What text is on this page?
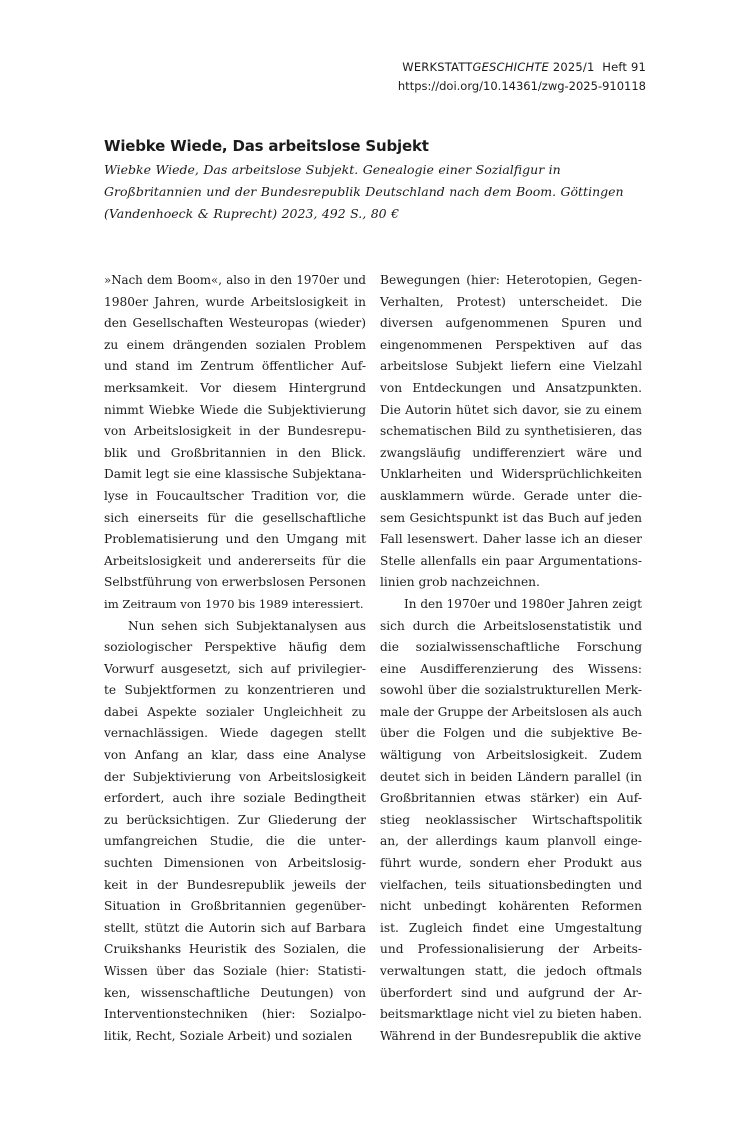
WERKSTATTGESCHICHTE 2025/1  Heft 91
https://doi.org/10.14361/zwg-2025-910118
Wiebke Wiede, Das arbeitslose Subjekt

Wiebke Wiede, Das arbeitslose Subjekt. Genealogie einer Sozialfigur in Großbritannien und der Bundesrepublik Deutschland nach dem Boom. Göttingen (Vandenhoeck & Ruprecht) 2023, 492 S., 80 €

»Nach dem Boom«, also in den 1970er und
1980er Jahren, wurde Arbeitslosigkeit in
den Gesellschaften Westeuropas (wieder)
zu einem drängenden sozialen Problem
und stand im Zentrum öffentlicher Auf-
merksamkeit. Vor diesem Hintergrund
nimmt Wiebke Wiede die Subjektivierung
von Arbeitslosigkeit in der Bundesrepu-
blik und Großbritannien in den Blick.
Damit legt sie eine klassische Subjektana-
lyse in Foucaultscher Tradition vor, die
sich einerseits für die gesellschaftliche
Problematisierung und den Umgang mit
Arbeitslosigkeit und andererseits für die
Selbstführung von erwerbslosen Personen
im Zeitraum von 1970 bis 1989 interessiert.
Nun sehen sich Subjektanalysen aus
soziologischer Perspektive häufig dem
Vorwurf ausgesetzt, sich auf privilegier-
te Subjektformen zu konzentrieren und
dabei Aspekte sozialer Ungleichheit zu
vernachlässigen. Wiede dagegen stellt
von Anfang an klar, dass eine Analyse
der Subjektivierung von Arbeitslosigkeit
erfordert, auch ihre soziale Bedingtheit
zu berücksichtigen. Zur Gliederung der
umfangreichen Studie, die die unter-
suchten Dimensionen von Arbeitslosig-
keit in der Bundesrepublik jeweils der
Situation in Großbritannien gegenüber-
stellt, stützt die Autorin sich auf Barbara
Cruikshanks Heuristik des Sozialen, die
Wissen über das Soziale (hier: Statisti-
ken, wissenschaftliche Deutungen) von
Interventionstechniken (hier: Sozialpo-
litik, Recht, Soziale Arbeit) und sozialen
Bewegungen (hier: Heterotopien, Gegen-
Verhalten, Protest) unterscheidet. Die
diversen aufgenommenen Spuren und
eingenommenen Perspektiven auf das
arbeitslose Subjekt liefern eine Vielzahl
von Entdeckungen und Ansatzpunkten.
Die Autorin hütet sich davor, sie zu einem
schematischen Bild zu synthetisieren, das
zwangsläufig undifferenziert wäre und
Unklarheiten und Widersprüchlichkeiten
ausklammern würde. Gerade unter die-
sem Gesichtspunkt ist das Buch auf jeden
Fall lesenswert. Daher lasse ich an dieser
Stelle allenfalls ein paar Argumentations-
linien grob nachzeichnen.
In den 1970er und 1980er Jahren zeigt
sich durch die Arbeitslosenstatistik und
die sozialwissenschaftliche Forschung
eine Ausdifferenzierung des Wissens:
sowohl über die sozialstrukturellen Merk-
male der Gruppe der Arbeitslosen als auch
über die Folgen und die subjektive Be-
wältigung von Arbeitslosigkeit. Zudem
deutet sich in beiden Ländern parallel (in
Großbritannien etwas stärker) ein Auf-
stieg neoklassischer Wirtschaftspolitik
an, der allerdings kaum planvoll einge-
führt wurde, sondern eher Produkt aus
vielfachen, teils situationsbedingten und
nicht unbedingt kohärenten Reformen
ist. Zugleich findet eine Umgestaltung
und Professionalisierung der Arbeits-
verwaltungen statt, die jedoch oftmals
überfordert sind und aufgrund der Ar-
beitsmarktlage nicht viel zu bieten haben.
Während in der Bundesrepublik die aktive
